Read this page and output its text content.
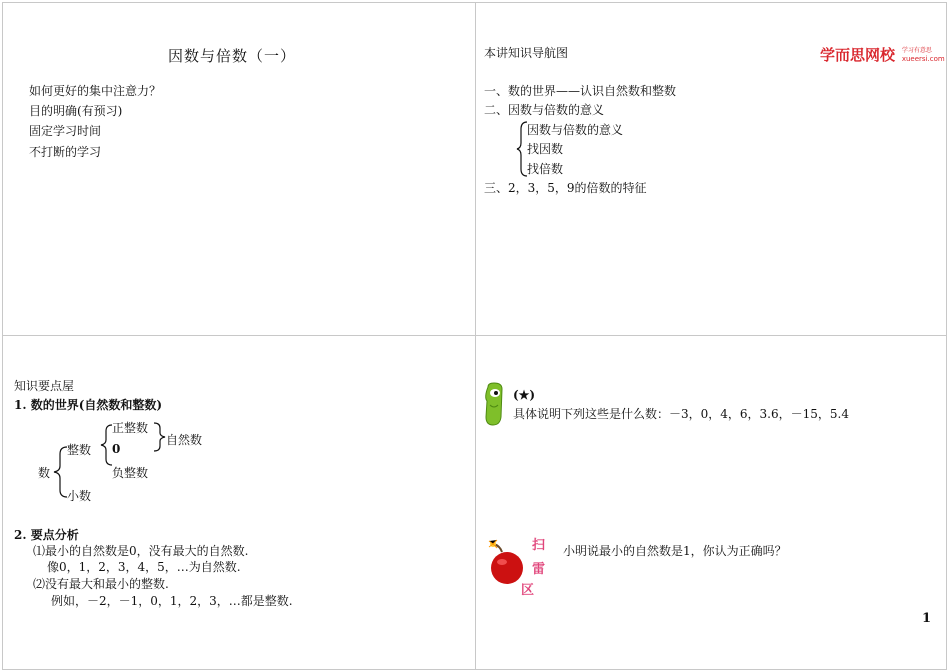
因数与倍数（一）
如何更好的集中注意力？
目的明确(有预习)
固定学习时间
不打断的学习
本讲知识导航图	学而思网校 学习有意思
xueersi.com
一、数的世界——认识自然数和整数
二、因数与倍数的意义
因数与倍数的意义
找因数
找倍数
三、2，3，5，9的倍数的特征
知识要点屋
1. 数的世界(自然数和整数)
数
整数
小数
正整数
0
负整数
自然数
2. 要点分析
⑴最小的自然数是0，没有最大的自然数.
像0，1，2，3，4，5，…为自然数.
⑵没有最大和最小的整数.
例如，－2，－1，0，1，2，3，…都是整数.
(★)
具体说明下列这些是什么数：－3，0，4，6，3.6，－15，5.4
扫
雷
区
小明说最小的自然数是1，你认为正确吗？
1
